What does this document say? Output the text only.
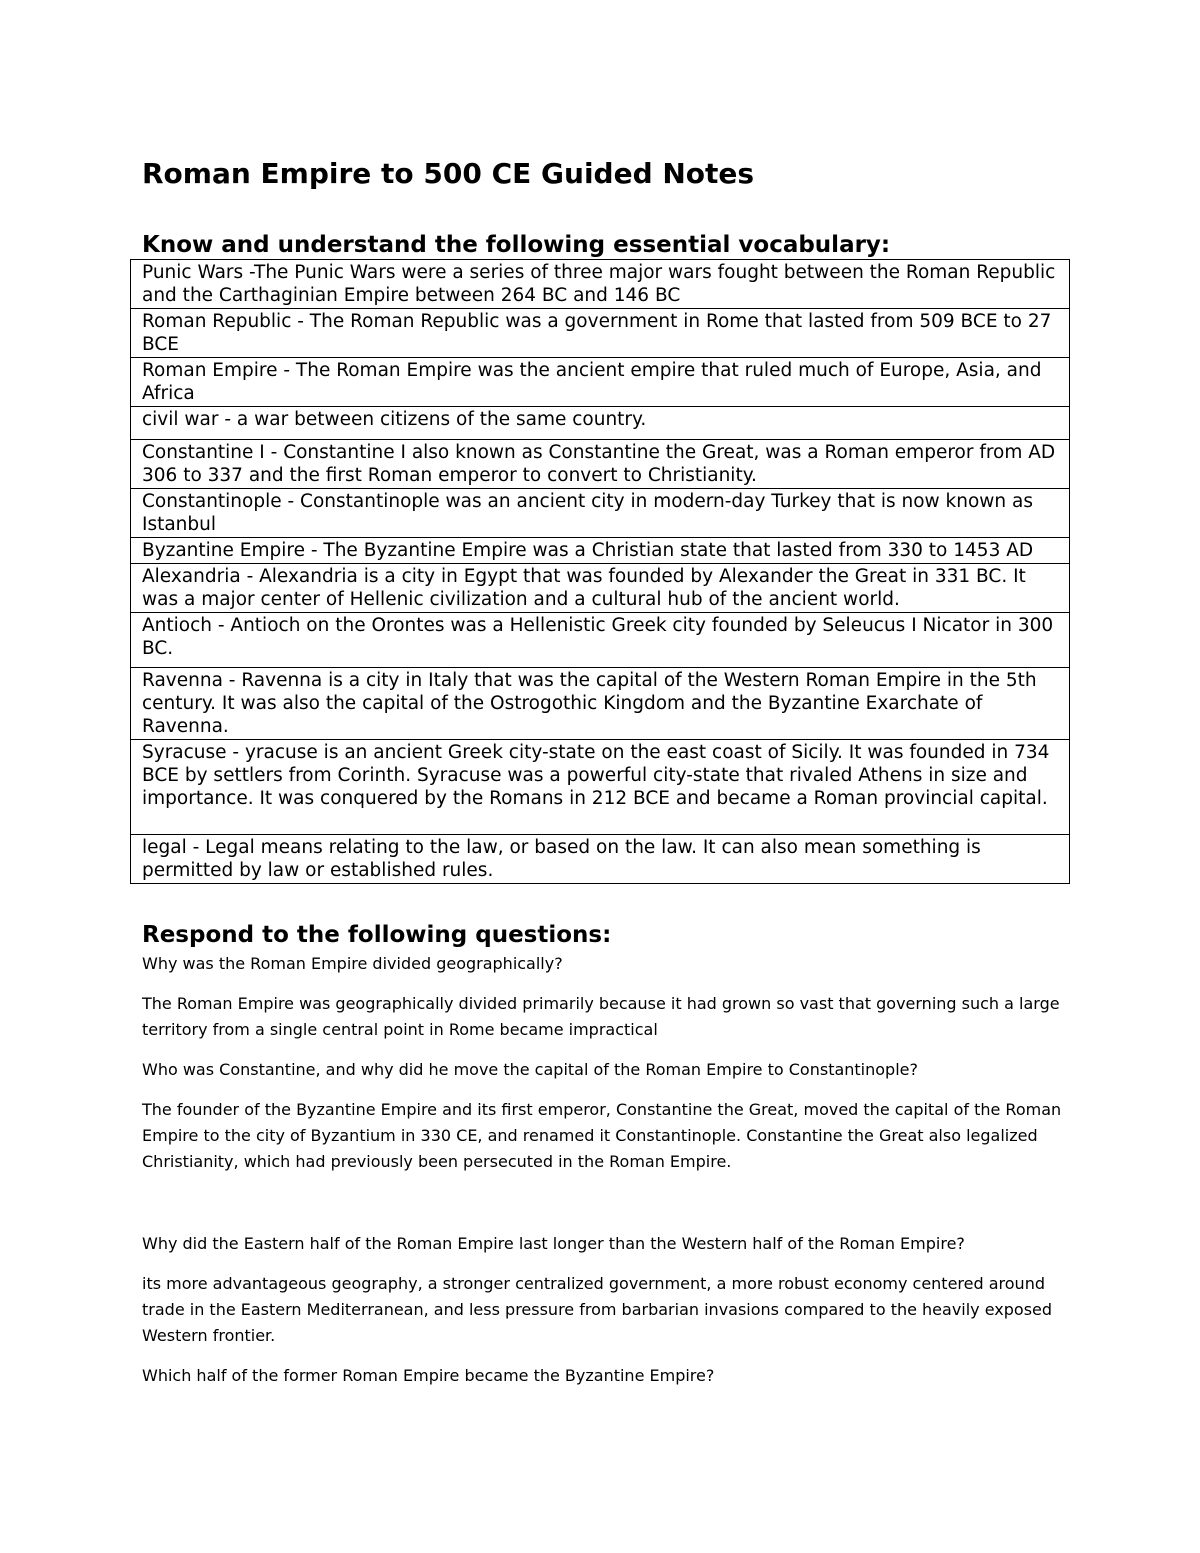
Roman Empire to 500 CE Guided Notes
Know and understand the following essential vocabulary:
Punic Wars -The Punic Wars were a series of three major wars fought between the Roman Republic and the Carthaginian Empire between 264 BC and 146 BC
Roman Republic - The Roman Republic was a government in Rome that lasted from 509 BCE to 27 BCE
Roman Empire - The Roman Empire was the ancient empire that ruled much of Europe, Asia, and Africa
civil war - a war between citizens of the same country.
Constantine I - Constantine I also known as Constantine the Great, was a Roman emperor from AD 306 to 337 and the first Roman emperor to convert to Christianity.
Constantinople - Constantinople was an ancient city in modern-day Turkey that is now known as Istanbul
Byzantine Empire - The Byzantine Empire was a Christian state that lasted from 330 to 1453 AD
Alexandria - Alexandria is a city in Egypt that was founded by Alexander the Great in 331 BC. It was a major center of Hellenic civilization and a cultural hub of the ancient world.
Antioch - Antioch on the Orontes was a Hellenistic Greek city founded by Seleucus I Nicator in 300 BC.
Ravenna - Ravenna is a city in Italy that was the capital of the Western Roman Empire in the 5th century. It was also the capital of the Ostrogothic Kingdom and the Byzantine Exarchate of Ravenna.
Syracuse - yracuse is an ancient Greek city-state on the east coast of Sicily. It was founded in 734 BCE by settlers from Corinth. Syracuse was a powerful city-state that rivaled Athens in size and importance. It was conquered by the Romans in 212 BCE and became a Roman provincial capital.
legal - Legal means relating to the law, or based on the law. It can also mean something is permitted by law or established rules.
Respond to the following questions:

Why was the Roman Empire divided geographically?

The Roman Empire was geographically divided primarily because it had grown so vast that governing such a large territory from a single central point in Rome became impractical

Who was Constantine, and why did he move the capital of the Roman Empire to Constantinople?

The founder of the Byzantine Empire and its first emperor, Constantine the Great, moved the capital of the Roman Empire to the city of Byzantium in 330 CE, and renamed it Constantinople. Constantine the Great also legalized Christianity, which had previously been persecuted in the Roman Empire.

Why did the Eastern half of the Roman Empire last longer than the Western half of the Roman Empire?

its more advantageous geography, a stronger centralized government, a more robust economy centered around trade in the Eastern Mediterranean, and less pressure from barbarian invasions compared to the heavily exposed Western frontier.

Which half of the former Roman Empire became the Byzantine Empire?
